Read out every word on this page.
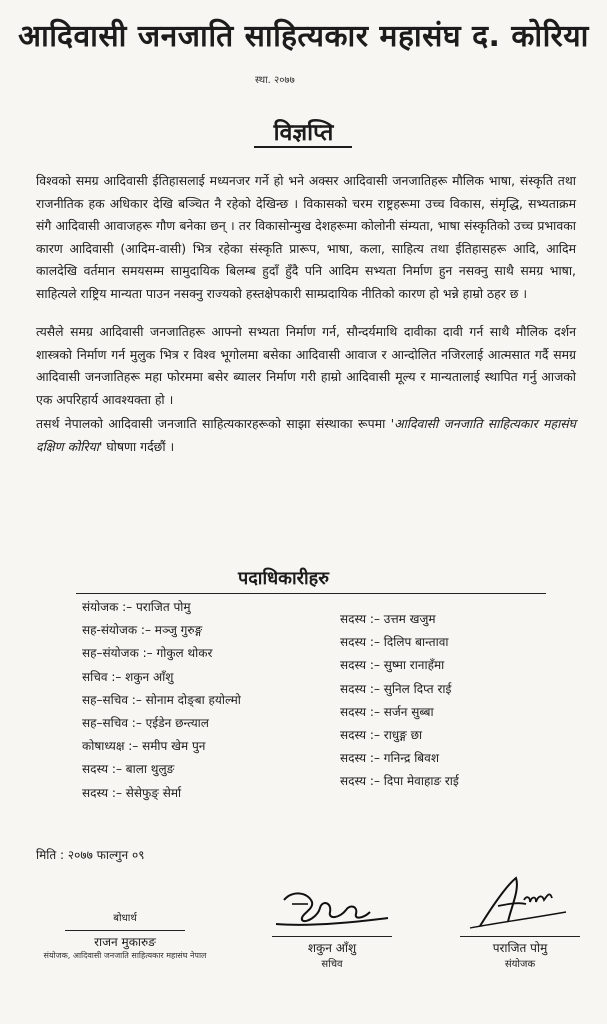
आदिवासी जनजाति साहित्यकार महासंघ द. कोरिया
स्था. २०७७
विज्ञप्ति

विश्वको समग्र आदिवासी ईतिहासलाई मध्यनजर गर्ने हो भने अक्सर आदिवासी जनजातिहरू मौलिक भाषा, संस्कृति तथा राजनीतिक हक अधिकार देखि बञ्चित नै रहेको देखिन्छ । विकासको चरम राष्ट्रहरूमा उच्च विकास, संमृद्धि, सभ्यताक्रम संगै आदिवासी आवाजहरू गौण बनेका छन् । तर विकासोन्मुख देशहरूमा कोलोनी संम्यता, भाषा संस्कृतिको उच्च प्रभावका कारण आदिवासी (आदिम-वासी) भित्र रहेका संस्कृति प्रारूप, भाषा, कला, साहित्य तथा ईतिहासहरू आदि, आदिम कालदेखि वर्तमान समयसम्म सामुदायिक बिलम्ब हुदाँ हुँदै पनि आदिम सभ्यता निर्माण हुन नसक्नु साथै समग्र भाषा, साहित्यले राष्ट्रिय मान्यता पाउन नसक्नु राज्यको हस्तक्षेपकारी साम्प्रदायिक नीतिको कारण हो भन्ने हाम्रो ठहर छ ।

त्यसैले समग्र आदिवासी जनजातिहरू आफ्नो सभ्यता निर्माण गर्न, सौन्दर्यमाथि दावीका दावी गर्न साथै मौलिक दर्शन शास्त्रको निर्माण गर्न मुलुक भित्र र विश्व भूगोलमा बसेका आदिवासी आवाज र आन्दोलित नजिरलाई आत्मसात गर्दै समग्र आदिवासी जनजातिहरू महा फोरममा बसेर ब्यालर निर्माण गरी हाम्रो आदिवासी मूल्य र मान्यतालाई स्थापित गर्नु आजको एक अपरिहार्य आवश्यक्ता हो ।

तसर्थ नेपालको आदिवासी जनजाति साहित्यकारहरूको साझा संस्थाका रूपमा 'आदिवासी जनजाति साहित्यकार महासंघ दक्षिण कोरिया' घोषणा गर्दछौं ।

पदाधिकारीहरु
संयोजक :– पराजित पोमु
सह-संयोजक :– मञ्जु गुरुङ्ग
सह–संयोजक :– गोकुल थोकर
सचिव :– शकुन आँशु
सह–सचिव :– सोनाम दोङ्बा हयोल्मो
सह–सचिव :– एईडेन छन्त्याल
कोषाध्यक्ष :– समीप खेम पुन
सदस्य :– बाला थुलुङ
सदस्य :– सेसेफुङ् सेर्मा
सदस्य :– उत्तम खजुम
सदस्य :– दिलिप बान्तावा
सदस्य :– सुष्मा रानाहँमा
सदस्य :– सुनिल दिप्त राई
सदस्य :– सर्जन सुब्बा
सदस्य :– राधुङ्ग छा
सदस्य :– गनिन्द्र बिवश
सदस्य :– दिपा मेवाहाङ राई
मिति : २०७७ फाल्गुन ०९
बोधार्थ
राजन मुकारुङ
संयोजक, आदिवासी जनजाति साहित्यकार महासंघ नेपाल
शकुन आँशु
सचिव
पराजित पोमु
संयोजक
